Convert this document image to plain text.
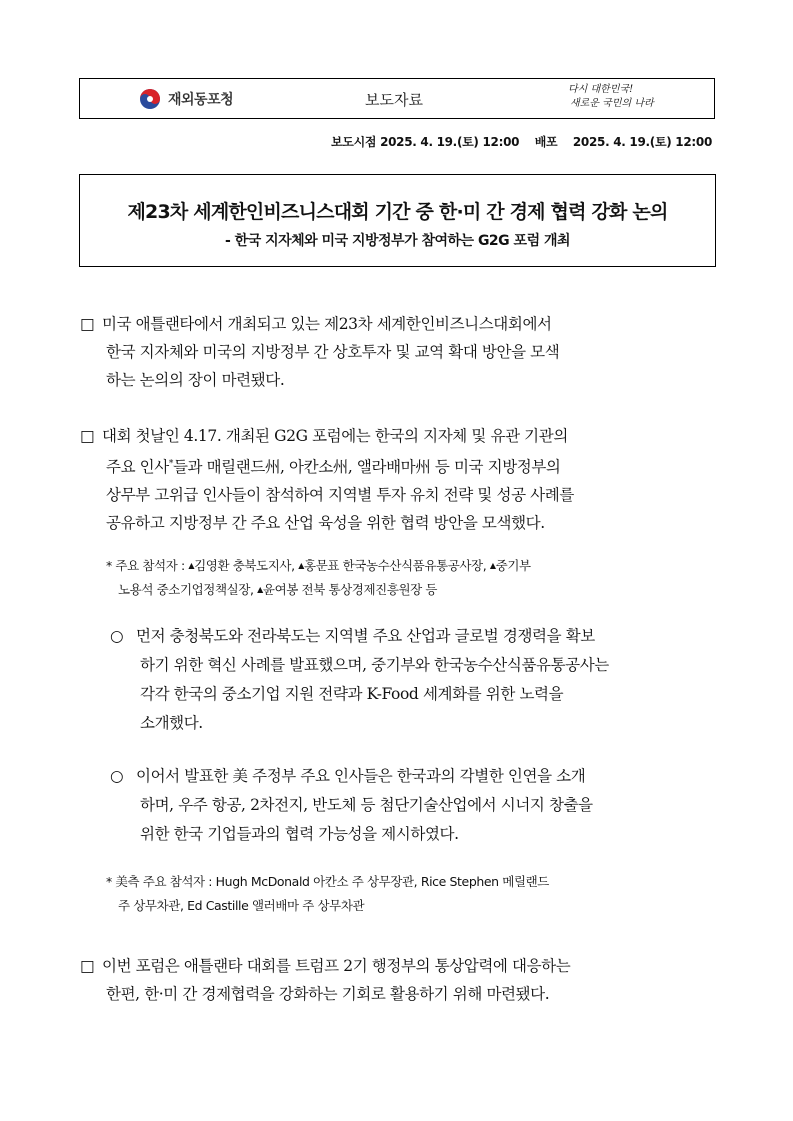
재외동포청	보도자료
다시 대한민국!
새로운 국민의 나라
보도시점 2025. 4. 19.(토) 12:00 배포 2025. 4. 19.(토) 12:00
제23차 세계한인비즈니스대회 기간 중 한·미 간 경제 협력 강화 논의
- 한국 지자체와 미국 지방정부가 참여하는 G2G 포럼 개최
□ 미국 애틀랜타에서 개최되고 있는 제23차 세계한인비즈니스대회에서
한국 지자체와 미국의 지방정부 간 상호투자 및 교역 확대 방안을 모색
하는 논의의 장이 마련됐다.
□ 대회 첫날인 4.17. 개최된 G2G 포럼에는 한국의 지자체 및 유관 기관의
주요 인사*들과 매릴랜드州, 아칸소州, 앨라배마州 등 미국 지방정부의
상무부 고위급 인사들이 참석하여 지역별 투자 유치 전략 및 성공 사례를
공유하고 지방정부 간 주요 산업 육성을 위한 협력 방안을 모색했다.
* 주요 참석자 : ▲김영환 충북도지사, ▲홍문표 한국농수산식품유통공사장, ▲중기부
노용석 중소기업정책실장, ▲윤여봉 전북 통상경제진흥원장 등
○ 먼저 충청북도와 전라북도는 지역별 주요 산업과 글로벌 경쟁력을 확보
하기 위한 혁신 사례를 발표했으며, 중기부와 한국농수산식품유통공사는
각각 한국의 중소기업 지원 전략과 K-Food 세계화를 위한 노력을
소개했다.
○ 이어서 발표한 美 주정부 주요 인사들은 한국과의 각별한 인연을 소개
하며, 우주 항공, 2차전지, 반도체 등 첨단기술산업에서 시너지 창출을
위한 한국 기업들과의 협력 가능성을 제시하였다.
* 美측 주요 참석자 : Hugh McDonald 아칸소 주 상무장관, Rice Stephen 메릴랜드
주 상무차관, Ed Castille 앨러배마 주 상무차관
□ 이번 포럼은 애틀랜타 대회를 트럼프 2기 행정부의 통상압력에 대응하는
한편, 한·미 간 경제협력을 강화하는 기회로 활용하기 위해 마련됐다.
